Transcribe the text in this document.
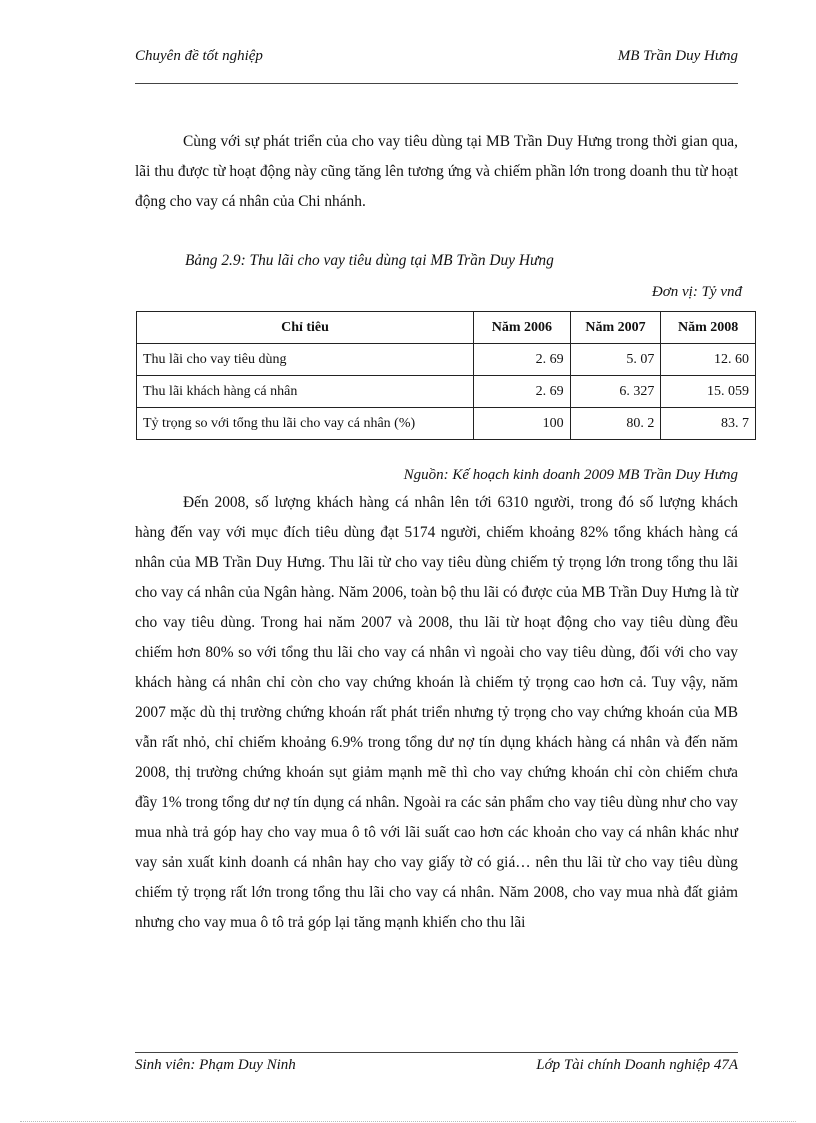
Chuyên đề tốt nghiệp	MB Trần Duy Hưng

Cùng với sự phát triển của cho vay tiêu dùng tại MB Trần Duy Hưng trong thời gian qua, lãi thu được từ hoạt động này cũng tăng lên tương ứng và chiếm phần lớn trong doanh thu từ hoạt động cho vay cá nhân của Chi nhánh.

Bảng 2.9: Thu lãi cho vay tiêu dùng tại MB Trần Duy Hưng
Đơn vị: Tỷ vnđ
Chỉ tiêu	Năm 2006	Năm 2007	Năm 2008
Thu lãi cho vay tiêu dùng	2. 69	5. 07	12. 60
Thu lãi khách hàng cá nhân	2. 69	6. 327	15. 059
Tỷ trọng so với tổng thu lãi cho vay cá nhân (%)	100	80. 2	83. 7
Nguồn: Kế hoạch kinh doanh 2009 MB Trần Duy Hưng

Đến 2008, số lượng khách hàng cá nhân lên tới 6310 người, trong đó số lượng khách hàng đến vay với mục đích tiêu dùng đạt 5174 người, chiếm khoảng 82% tổng khách hàng cá nhân của MB Trần Duy Hưng. Thu lãi từ cho vay tiêu dùng chiếm tỷ trọng lớn trong tổng thu lãi cho vay cá nhân của Ngân hàng. Năm 2006, toàn bộ thu lãi có được của MB Trần Duy Hưng là từ cho vay tiêu dùng. Trong hai năm 2007 và 2008, thu lãi từ hoạt động cho vay tiêu dùng đều chiếm hơn 80% so với tổng thu lãi cho vay cá nhân vì ngoài cho vay tiêu dùng, đối với cho vay khách hàng cá nhân chỉ còn cho vay chứng khoán là chiếm tỷ trọng cao hơn cả. Tuy vậy, năm 2007 mặc dù thị trường chứng khoán rất phát triển nhưng tỷ trọng cho vay chứng khoán của MB vẫn rất nhỏ, chỉ chiếm khoảng 6.9% trong tổng dư nợ tín dụng khách hàng cá nhân và đến năm 2008, thị trường chứng khoán sụt giảm mạnh mẽ thì cho vay chứng khoán chỉ còn chiếm chưa đầy 1% trong tổng dư nợ tín dụng cá nhân. Ngoài ra các sản phẩm cho vay tiêu dùng như cho vay mua nhà trả góp hay cho vay mua ô tô với lãi suất cao hơn các khoản cho vay cá nhân khác như vay sản xuất kinh doanh cá nhân hay cho vay giấy tờ có giá… nên thu lãi từ cho vay tiêu dùng chiếm tỷ trọng rất lớn trong tổng thu lãi cho vay cá nhân. Năm 2008, cho vay mua nhà đất giảm nhưng cho vay mua ô tô trả góp lại tăng mạnh khiến cho thu lãi

Sinh viên: Phạm Duy Ninh	Lớp Tài chính Doanh nghiệp 47A
